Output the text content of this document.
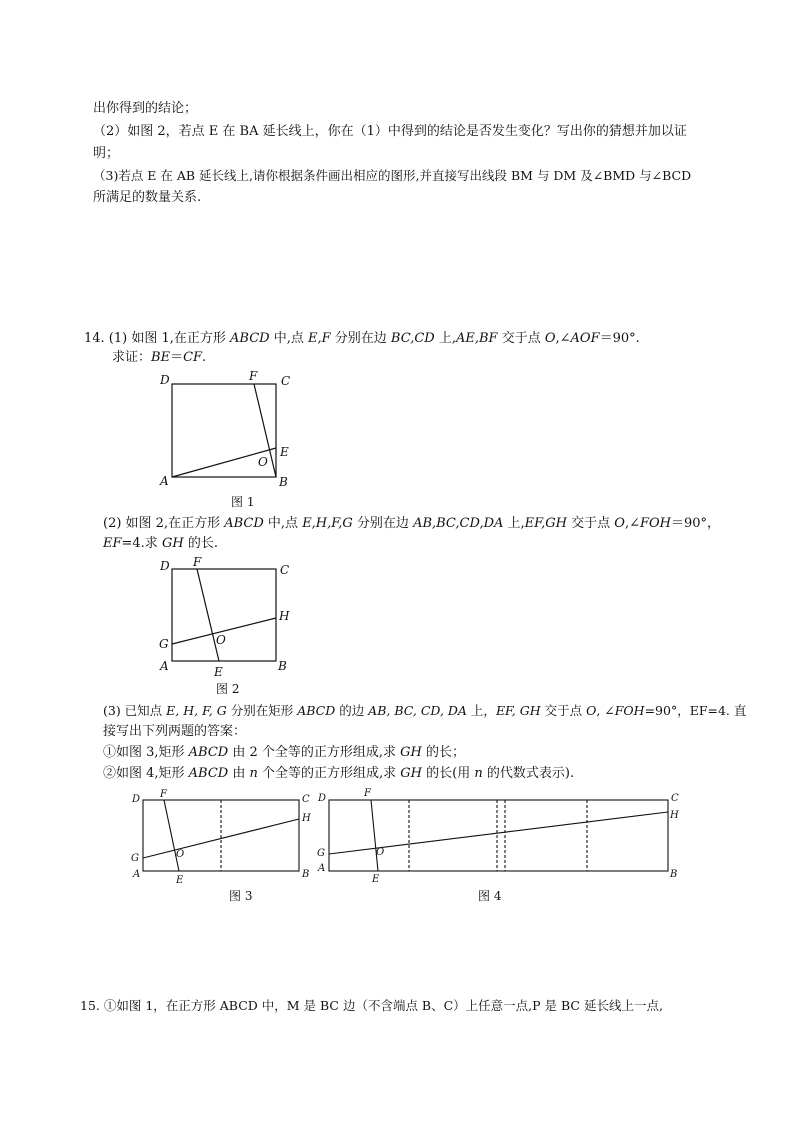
出你得到的结论；
（2）如图 2，若点 E 在 BA 延长线上，你在（1）中得到的结论是否发生变化？写出你的猜想并加以证
明；
（3)若点 E 在 AB 延长线上,请你根据条件画出相应的图形,并直接写出线段 BM 与 DM 及∠BMD 与∠BCD
所满足的数量关系.
14. (1) 如图 1,在正方形 ABCD 中,点 E,F 分别在边 BC,CD 上,AE,BF 交于点 O,∠AOF＝90°.
求证：BE＝CF.
(2) 如图 2,在正方形 ABCD 中,点 E,H,F,G 分别在边 AB,BC,CD,DA 上,EF,GH 交于点 O,∠FOH＝90°，
EF=4.求 GH 的长.
(3) 已知点 E, H, F, G 分别在矩形 ABCD 的边 AB, BC, CD, DA 上，EF, GH 交于点 O, ∠FOH=90°，EF=4. 直
接写出下列两题的答案：
①如图 3,矩形 ABCD 由 2 个全等的正方形组成,求 GH 的长；
②如图 4,矩形 ABCD 由 n 个全等的正方形组成,求 GH 的长(用 n 的代数式表示).
图 1
图 2
图 3	图 4
D	F C
E
O
A	B
D F
C
H
G	O
A	E	B
D F	C
H
G	O
A
E
B
D	F	C
H
G	O
A
E	B
15. ①如图 1，在正方形 ABCD 中，M 是 BC 边（不含端点 B、C）上任意一点,P 是 BC 延长线上一点,
